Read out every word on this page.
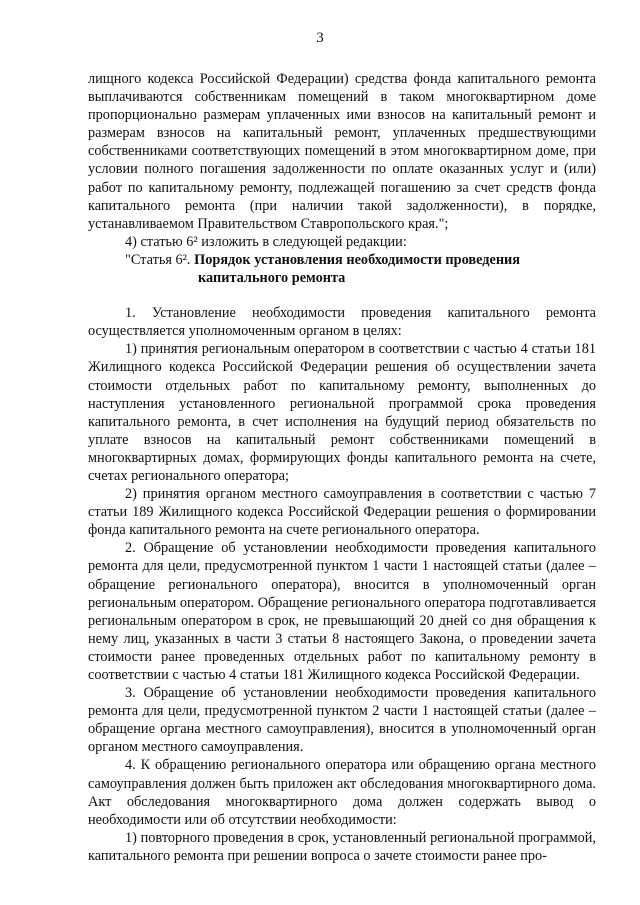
3

лищного кодекса Российской Федерации) средства фонда капитального ремонта выплачиваются собственникам помещений в таком многоквартирном доме пропорционально размерам уплаченных ими взносов на капитальный ремонт и размерам взносов на капитальный ремонт, уплаченных предшествующими собственниками соответствующих помещений в этом многоквартирном доме, при условии полного погашения задолженности по оплате оказанных услуг и (или) работ по капитальному ремонту, подлежащей погашению за счет средств фонда капитального ремонта (при наличии такой задолженности), в порядке, устанавливаемом Правительством Ставропольского края.";

4) статью 6² изложить в следующей редакции:

"Статья 6². Порядок установления необходимости проведения
капитального ремонта

1. Установление необходимости проведения капитального ремонта осуществляется уполномоченным органом в целях:

1) принятия региональным оператором в соответствии с частью 4 статьи 181 Жилищного кодекса Российской Федерации решения об осуществлении зачета стоимости отдельных работ по капитальному ремонту, выполненных до наступления установленного региональной программой срока проведения капитального ремонта, в счет исполнения на будущий период обязательств по уплате взносов на капитальный ремонт собственниками помещений в многоквартирных домах, формирующих фонды капитального ремонта на счете, счетах регионального оператора;

2) принятия органом местного самоуправления в соответствии с частью 7 статьи 189 Жилищного кодекса Российской Федерации решения о формировании фонда капитального ремонта на счете регионального оператора.

2. Обращение об установлении необходимости проведения капитального ремонта для цели, предусмотренной пунктом 1 части 1 настоящей статьи (далее – обращение регионального оператора), вносится в уполномоченный орган региональным оператором. Обращение регионального оператора подготавливается региональным оператором в срок, не превышающий 20 дней со дня обращения к нему лиц, указанных в части 3 статьи 8 настоящего Закона, о проведении зачета стоимости ранее проведенных отдельных работ по капитальному ремонту в соответствии с частью 4 статьи 181 Жилищного кодекса Российской Федерации.

3. Обращение об установлении необходимости проведения капитального ремонта для цели, предусмотренной пунктом 2 части 1 настоящей статьи (далее – обращение органа местного самоуправления), вносится в уполномоченный орган органом местного самоуправления.

4. К обращению регионального оператора или обращению органа местного самоуправления должен быть приложен акт обследования многоквартирного дома. Акт обследования многоквартирного дома должен содержать вывод о необходимости или об отсутствии необходимости:

1) повторного проведения в срок, установленный региональной программой, капитального ремонта при решении вопроса о зачете стоимости ранее про-
